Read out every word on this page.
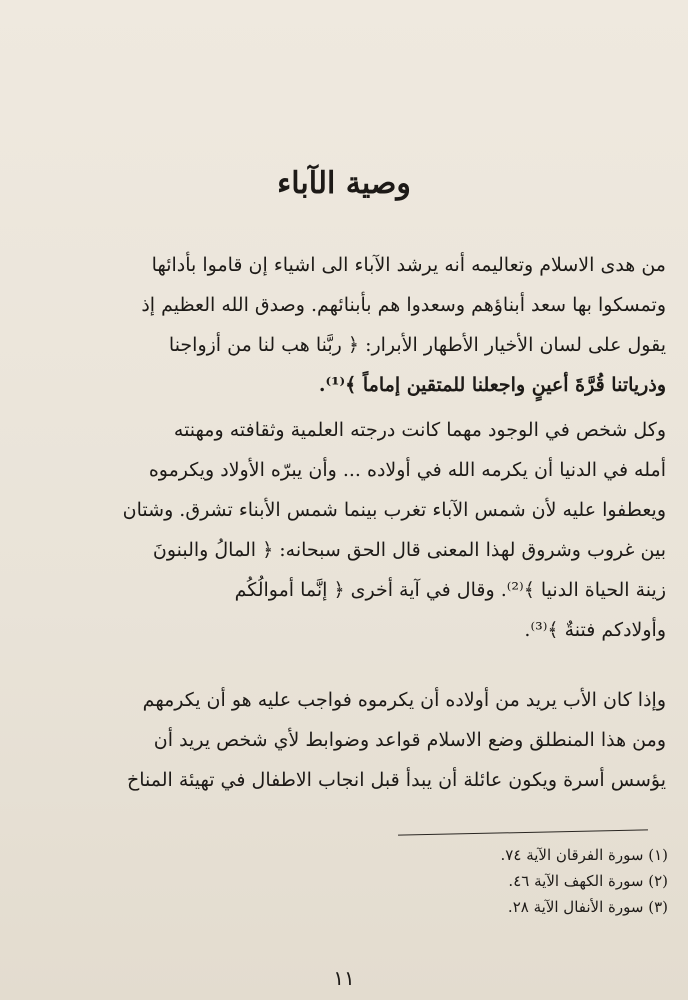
وصية الآباء
من هدى الاسلام وتعاليمه أنه يرشد الآباء الى اشياء إن قاموا بأدائها
وتمسكوا بها سعد أبناؤهم وسعدوا هم بأبنائهم. وصدق الله العظيم إذ
يقول على لسان الأخيار الأطهار الأبرار: ﴿ ربَّنا هب لنا من أزواجنا
وذرياتنا قُرَّةَ أعينٍ واجعلنا للمتقين إماماً ﴾⁽¹⁾.
وكل شخص في الوجود مهما كانت درجته العلمية وثقافته ومهنته
أمله في الدنيا أن يكرمه الله في أولاده ... وأن يبرّه الأولاد ويكرموه
ويعطفوا عليه لأن شمس الآباء تغرب بينما شمس الأبناء تشرق. وشتان
بين غروب وشروق لهذا المعنى قال الحق سبحانه: ﴿ المالُ والبنونَ
زينة الحياة الدنيا ﴾⁽²⁾. وقال في آية أخرى ﴿ إنَّما أموالُكُم
وأولادكم فتنةٌ ﴾⁽³⁾.
وإذا كان الأب يريد من أولاده أن يكرموه فواجب عليه هو أن يكرمهم
ومن هذا المنطلق وضع الاسلام قواعد وضوابط لأي شخص يريد أن
يؤسس أسرة ويكون عائلة أن يبدأ قبل انجاب الاطفال في تهيئة المناخ
(١) سورة الفرقان الآية ٧٤.
(٢) سورة الكهف الآية ٤٦.
(٣) سورة الأنفال الآية ٢٨.
١١
